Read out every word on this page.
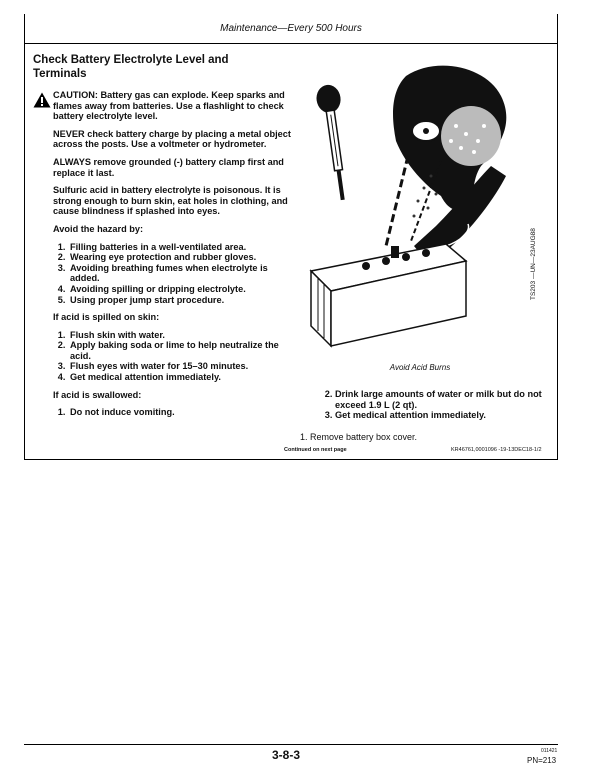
Maintenance—Every 500 Hours
Check Battery Electrolyte Level and Terminals
CAUTION: Battery gas can explode. Keep sparks and flames away from batteries. Use a flashlight to check battery electrolyte level.

NEVER check battery charge by placing a metal object across the posts. Use a voltmeter or hydrometer.

ALWAYS remove grounded (-) battery clamp first and replace it last.

Sulfuric acid in battery electrolyte is poisonous. It is strong enough to burn skin, eat holes in clothing, and cause blindness if splashed into eyes.

Avoid the hazard by:

1. Filling batteries in a well-ventilated area.
2. Wearing eye protection and rubber gloves.
3. Avoiding breathing fumes when electrolyte is added.
4. Avoiding spilling or dripping electrolyte.
5. Using proper jump start procedure.

If acid is spilled on skin:

1. Flush skin with water.
2. Apply baking soda or lime to help neutralize the acid.
3. Flush eyes with water for 15–30 minutes.
4. Get medical attention immediately.

If acid is swallowed:

1. Do not induce vomiting.
TS203 —UN—23AUG88
Avoid Acid Burns
2. Drink large amounts of water or milk but do not exceed 1.9 L (2 qt).
3. Get medical attention immediately.
1. Remove battery box cover.
Continued on next page	KR46761,0001096 -19-13DEC18-1/2
3-8-3	011421
PN=213
